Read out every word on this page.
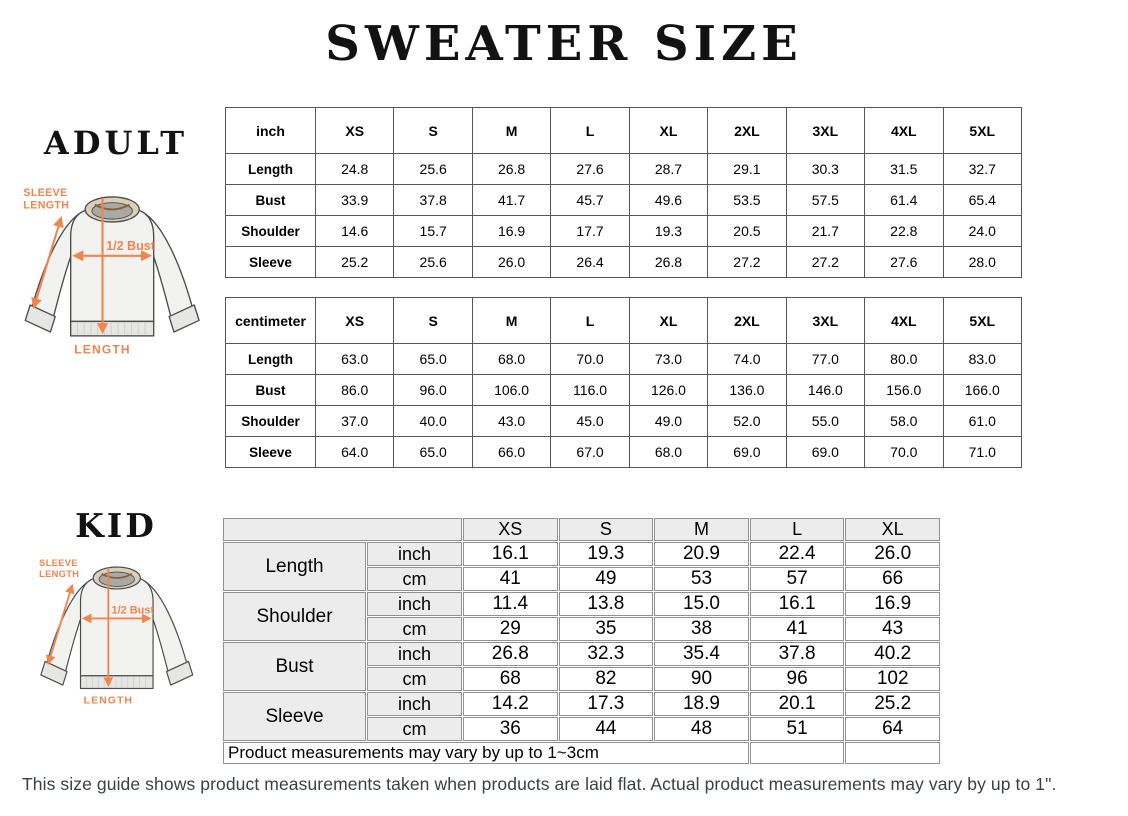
SWEATER SIZE
ADULT	inch	XS	S	M	L	XL	2XL	3XL	4XL	5XL
Length	24.8	25.6	26.8	27.6	28.7	29.1	30.3	31.5	32.7
Bust	33.9	37.8	41.7	45.7	49.6	53.5	57.5	61.4	65.4
Shoulder	14.6	15.7	16.9	17.7	19.3	20.5	21.7	22.8	24.0
Sleeve	25.2	25.6	26.0	26.4	26.8	27.2	27.2	27.6	28.0
centimeter	XS	S	M	L	XL	2XL	3XL	4XL	5XL
Length	63.0	65.0	68.0	70.0	73.0	74.0	77.0	80.0	83.0
Bust	86.0	96.0	106.0	116.0	126.0	136.0	146.0	156.0	166.0
Shoulder	37.0	40.0	43.0	45.0	49.0	52.0	55.0	58.0	61.0
Sleeve	64.0	65.0	66.0	67.0	68.0	69.0	69.0	70.0	71.0
KID
		XS	S	M	L	XL
Length	inch	16.1	19.3	20.9	22.4	26.0
	cm	41	49	53	57	66
Shoulder	inch	11.4	13.8	15.0	16.1	16.9
	cm	29	35	38	41	43
Bust	inch	26.8	32.3	35.4	37.8	40.2
	cm	68	82	90	96	102
Sleeve	inch	14.2	17.3	18.9	20.1	25.2
	cm	36	44	48	51	64
Product measurements may vary by up to 1~3cm						
This size guide shows product measurements taken when products are laid flat. Actual product measurements may vary by up to 1".
